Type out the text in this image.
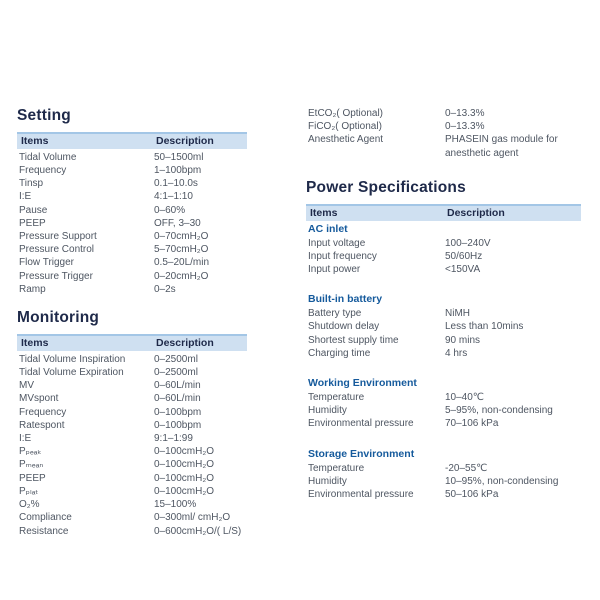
Setting
Items	Description
Tidal Volume	50–1500ml
Frequency	1–100bpm
Tinsp	0.1–10.0s
I:E	4:1–1:10
Pause	0–60%
PEEP	OFF, 3–30
Pressure Support	0–70cmH₂O
Pressure Control	5–70cmH₂O
Flow Trigger	0.5–20L/min
Pressure Trigger	0–20cmH₂O
Ramp	0–2s
Monitoring
Items	Description
Tidal Volume Inspiration	0–2500ml
Tidal Volume Expiration	0–2500ml
MV	0–60L/min
MVspont	0–60L/min
Frequency	0–100bpm
Ratespont	0–100bpm
I:E	9:1–1:99
Pₚₑₐₖ	0–100cmH₂O
Pₘₑₐₙ	0–100cmH₂O
PEEP	0–100cmH₂O
Pₚₗₐₜ	0–100cmH₂O
O₂%	15–100%
Compliance	0–300ml/ cmH₂O
Resistance	0–600cmH₂O/( L/S)
EtCO₂( Optional)	0–13.3%
FiCO₂( Optional)	0–13.3%
Anesthetic Agent	PHASEIN gas module for anesthetic agent
Power Specifications
Items	Description
AC inlet
Input voltage	100–240V
Input frequency	50/60Hz
Input power	<150VA
Built-in battery
Battery type	NiMH
Shutdown delay	Less than 10mins
Shortest supply time	90 mins
Charging time	4 hrs
Working Environment
Temperature	10–40℃
Humidity	5–95%, non-condensing
Environmental pressure	70–106 kPa
Storage Environment
Temperature	-20–55℃
Humidity	10–95%, non-condensing
Environmental pressure	50–106 kPa
